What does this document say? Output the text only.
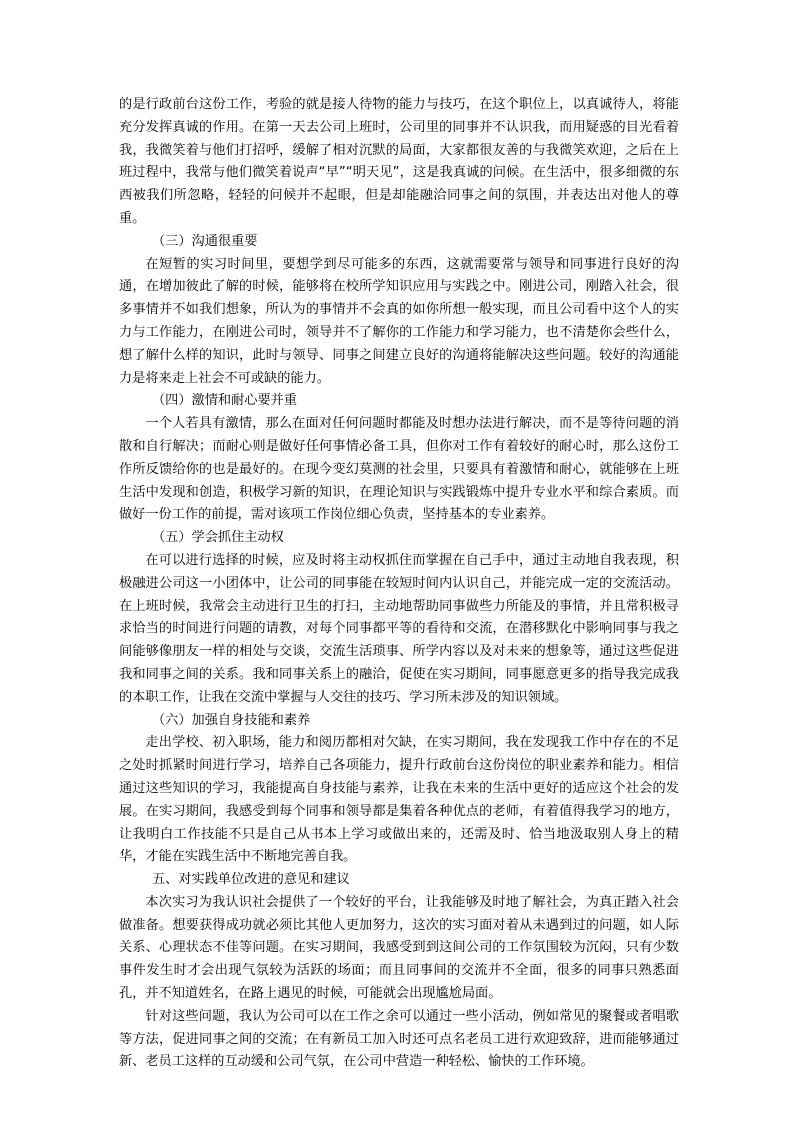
的是行政前台这份工作，考验的就是接人待物的能力与技巧，在这个职位上，以真诚待人，将能充分发挥真诚的作用。在第一天去公司上班时，公司里的同事并不认识我，而用疑惑的目光看着我，我微笑着与他们打招呼，缓解了相对沉默的局面，大家都很友善的与我微笑欢迎，之后在上班过程中，我常与他们微笑着说声“早”“明天见”，这是我真诚的问候。在生活中，很多细微的东西被我们所忽略，轻轻的问候并不起眼，但是却能融洽同事之间的氛围，并表达出对他人的尊重。

（三）沟通很重要

在短暂的实习时间里，要想学到尽可能多的东西，这就需要常与领导和同事进行良好的沟通，在增加彼此了解的时候，能够将在校所学知识应用与实践之中。刚进公司，刚踏入社会，很多事情并不如我们想象，所认为的事情并不会真的如你所想一般实现，而且公司看中这个人的实力与工作能力，在刚进公司时，领导并不了解你的工作能力和学习能力，也不清楚你会些什么，想了解什么样的知识，此时与领导、同事之间建立良好的沟通将能解决这些问题。较好的沟通能力是将来走上社会不可或缺的能力。

（四）激情和耐心要并重

一个人若具有激情，那么在面对任何问题时都能及时想办法进行解决，而不是等待问题的消散和自行解决；而耐心则是做好任何事情必备工具，但你对工作有着较好的耐心时，那么这份工作所反馈给你的也是最好的。在现今变幻莫测的社会里，只要具有着激情和耐心，就能够在上班生活中发现和创造，积极学习新的知识，在理论知识与实践锻炼中提升专业水平和综合素质。而做好一份工作的前提，需对该项工作岗位细心负责，坚持基本的专业素养。

（五）学会抓住主动权

在可以进行选择的时候，应及时将主动权抓住而掌握在自己手中，通过主动地自我表现，积极融进公司这一小团体中，让公司的同事能在较短时间内认识自己，并能完成一定的交流活动。在上班时候，我常会主动进行卫生的打扫，主动地帮助同事做些力所能及的事情，并且常积极寻求恰当的时间进行问题的请教，对每个同事都平等的看待和交流，在潜移默化中影响同事与我之间能够像朋友一样的相处与交谈，交流生活琐事、所学内容以及对未来的想象等，通过这些促进我和同事之间的关系。我和同事关系上的融洽，促使在实习期间，同事愿意更多的指导我完成我的本职工作，让我在交流中掌握与人交往的技巧、学习所未涉及的知识领域。

（六）加强自身技能和素养

走出学校、初入职场，能力和阅历都相对欠缺，在实习期间，我在发现我工作中存在的不足之处时抓紧时间进行学习，培养自己各项能力，提升行政前台这份岗位的职业素养和能力。相信通过这些知识的学习，我能提高自身技能与素养，让我在未来的生活中更好的适应这个社会的发展。在实习期间，我感受到每个同事和领导都是集着各种优点的老师，有着值得我学习的地方，让我明白工作技能不只是自己从书本上学习或做出来的，还需及时、恰当地汲取别人身上的精华，才能在实践生活中不断地完善自我。

五、对实践单位改进的意见和建议

本次实习为我认识社会提供了一个较好的平台，让我能够及时地了解社会，为真正踏入社会做准备。想要获得成功就必须比其他人更加努力，这次的实习面对着从未遇到过的问题，如人际关系、心理状态不佳等问题。在实习期间，我感受到到这间公司的工作氛围较为沉闷，只有少数事件发生时才会出现气氛较为活跃的场面；而且同事间的交流并不全面，很多的同事只熟悉面孔，并不知道姓名，在路上遇见的时候，可能就会出现尴尬局面。

针对这些问题，我认为公司可以在工作之余可以通过一些小活动，例如常见的聚餐或者唱歌等方法，促进同事之间的交流；在有新员工加入时还可点名老员工进行欢迎致辞，进而能够通过新、老员工这样的互动缓和公司气氛，在公司中营造一种轻松、愉快的工作环境。
